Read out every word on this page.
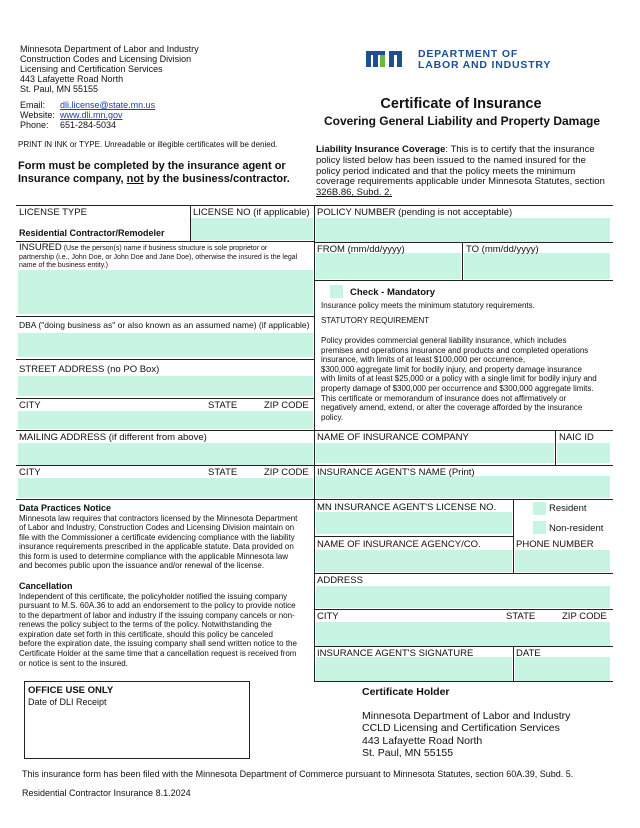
Minnesota Department of Labor and Industry
Construction Codes and Licensing Division
Licensing and Certification Services
443 Lafayette Road North
St. Paul, MN 55155
Email: dli.license@state.mn.us
Website: www.dli.mn.gov
Phone: 651-284-5034
PRINT IN INK or TYPE. Unreadable or illegible certificates will be denied.
Form must be completed by the insurance agent or
Insurance company, not by the business/contractor.
DEPARTMENT OF
LABOR AND INDUSTRY
Certificate of Insurance
Covering General Liability and Property Damage
Liability Insurance Coverage: This is to certify that the insurance
policy listed below has been issued to the named insured for the
policy period indicated and that the policy meets the minimum
coverage requirements applicable under Minnesota Statutes, section
326B.86, Subd. 2.
LICENSE TYPE
Residential Contractor/Remodeler
LICENSE NO (if applicable)
INSURED (Use the person(s) name if business structure is sole proprietor or
partnership (i.e., John Doe, or John Doe and Jane Doe), otherwise the insured is the legal
name of the business entity.)
DBA ("doing business as" or also known as an assumed name) (if applicable)
STREET ADDRESS (no PO Box)
CITY	STATE	ZIP CODE
MAILING ADDRESS (if different from above)
CITY	STATE	ZIP CODE
Data Practices Notice
Minnesota law requires that contractors licensed by the Minnesota Department
of Labor and Industry, Construction Codes and Licensing Division maintain on
file with the Commissioner a certificate evidencing compliance with the liability
insurance requirements prescribed in the applicable statute. Data provided on
this form is used to determine compliance with the applicable Minnesota law
and becomes public upon the issuance and/or renewal of the license.
Cancellation
Independent of this certificate, the policyholder notified the issuing company
pursuant to M.S. 60A.36 to add an endorsement to the policy to provide notice
to the department of labor and industry if the issuing company cancels or non-
renews the policy subject to the terms of the policy. Notwithstanding the
expiration date set forth in this certificate, should this policy be canceled
before the expiration date, the issuing company shall send written notice to the
Certificate Holder at the same time that a cancellation request is received from
or notice is sent to the insured.
OFFICE USE ONLY
Date of DLI Receipt
POLICY NUMBER (pending is not acceptable)
FROM (mm/dd/yyyy)	TO (mm/dd/yyyy)
Check - Mandatory
Insurance policy meets the minimum statutory requirements.
STATUTORY REQUIREMENT
Policy provides commercial general liability insurance, which includes
premises and operations insurance and products and completed operations
insurance, with limits of at least $100,000 per occurrence,
$300,000 aggregate limit for bodily injury, and property damage insurance
with limits of at least $25,000 or a policy with a single limit for bodily injury and
property damage of $300,000 per occurrence and $300,000 aggregate limits.
This certificate or memorandum of insurance does not affirmatively or
negatively amend, extend, or alter the coverage afforded by the insurance
policy.
NAME OF INSURANCE COMPANY	NAIC ID
INSURANCE AGENT'S NAME (Print)
MN INSURANCE AGENT'S LICENSE NO.	Resident
Non-resident
NAME OF INSURANCE AGENCY/CO.	PHONE NUMBER
ADDRESS
CITY	STATE	ZIP CODE
INSURANCE AGENT'S SIGNATURE	DATE
Certificate Holder
Minnesota Department of Labor and Industry
CCLD Licensing and Certification Services
443 Lafayette Road North
St. Paul, MN 55155
This insurance form has been filed with the Minnesota Department of Commerce pursuant to Minnesota Statutes, section 60A.39, Subd. 5.
Residential Contractor Insurance 8.1.2024
